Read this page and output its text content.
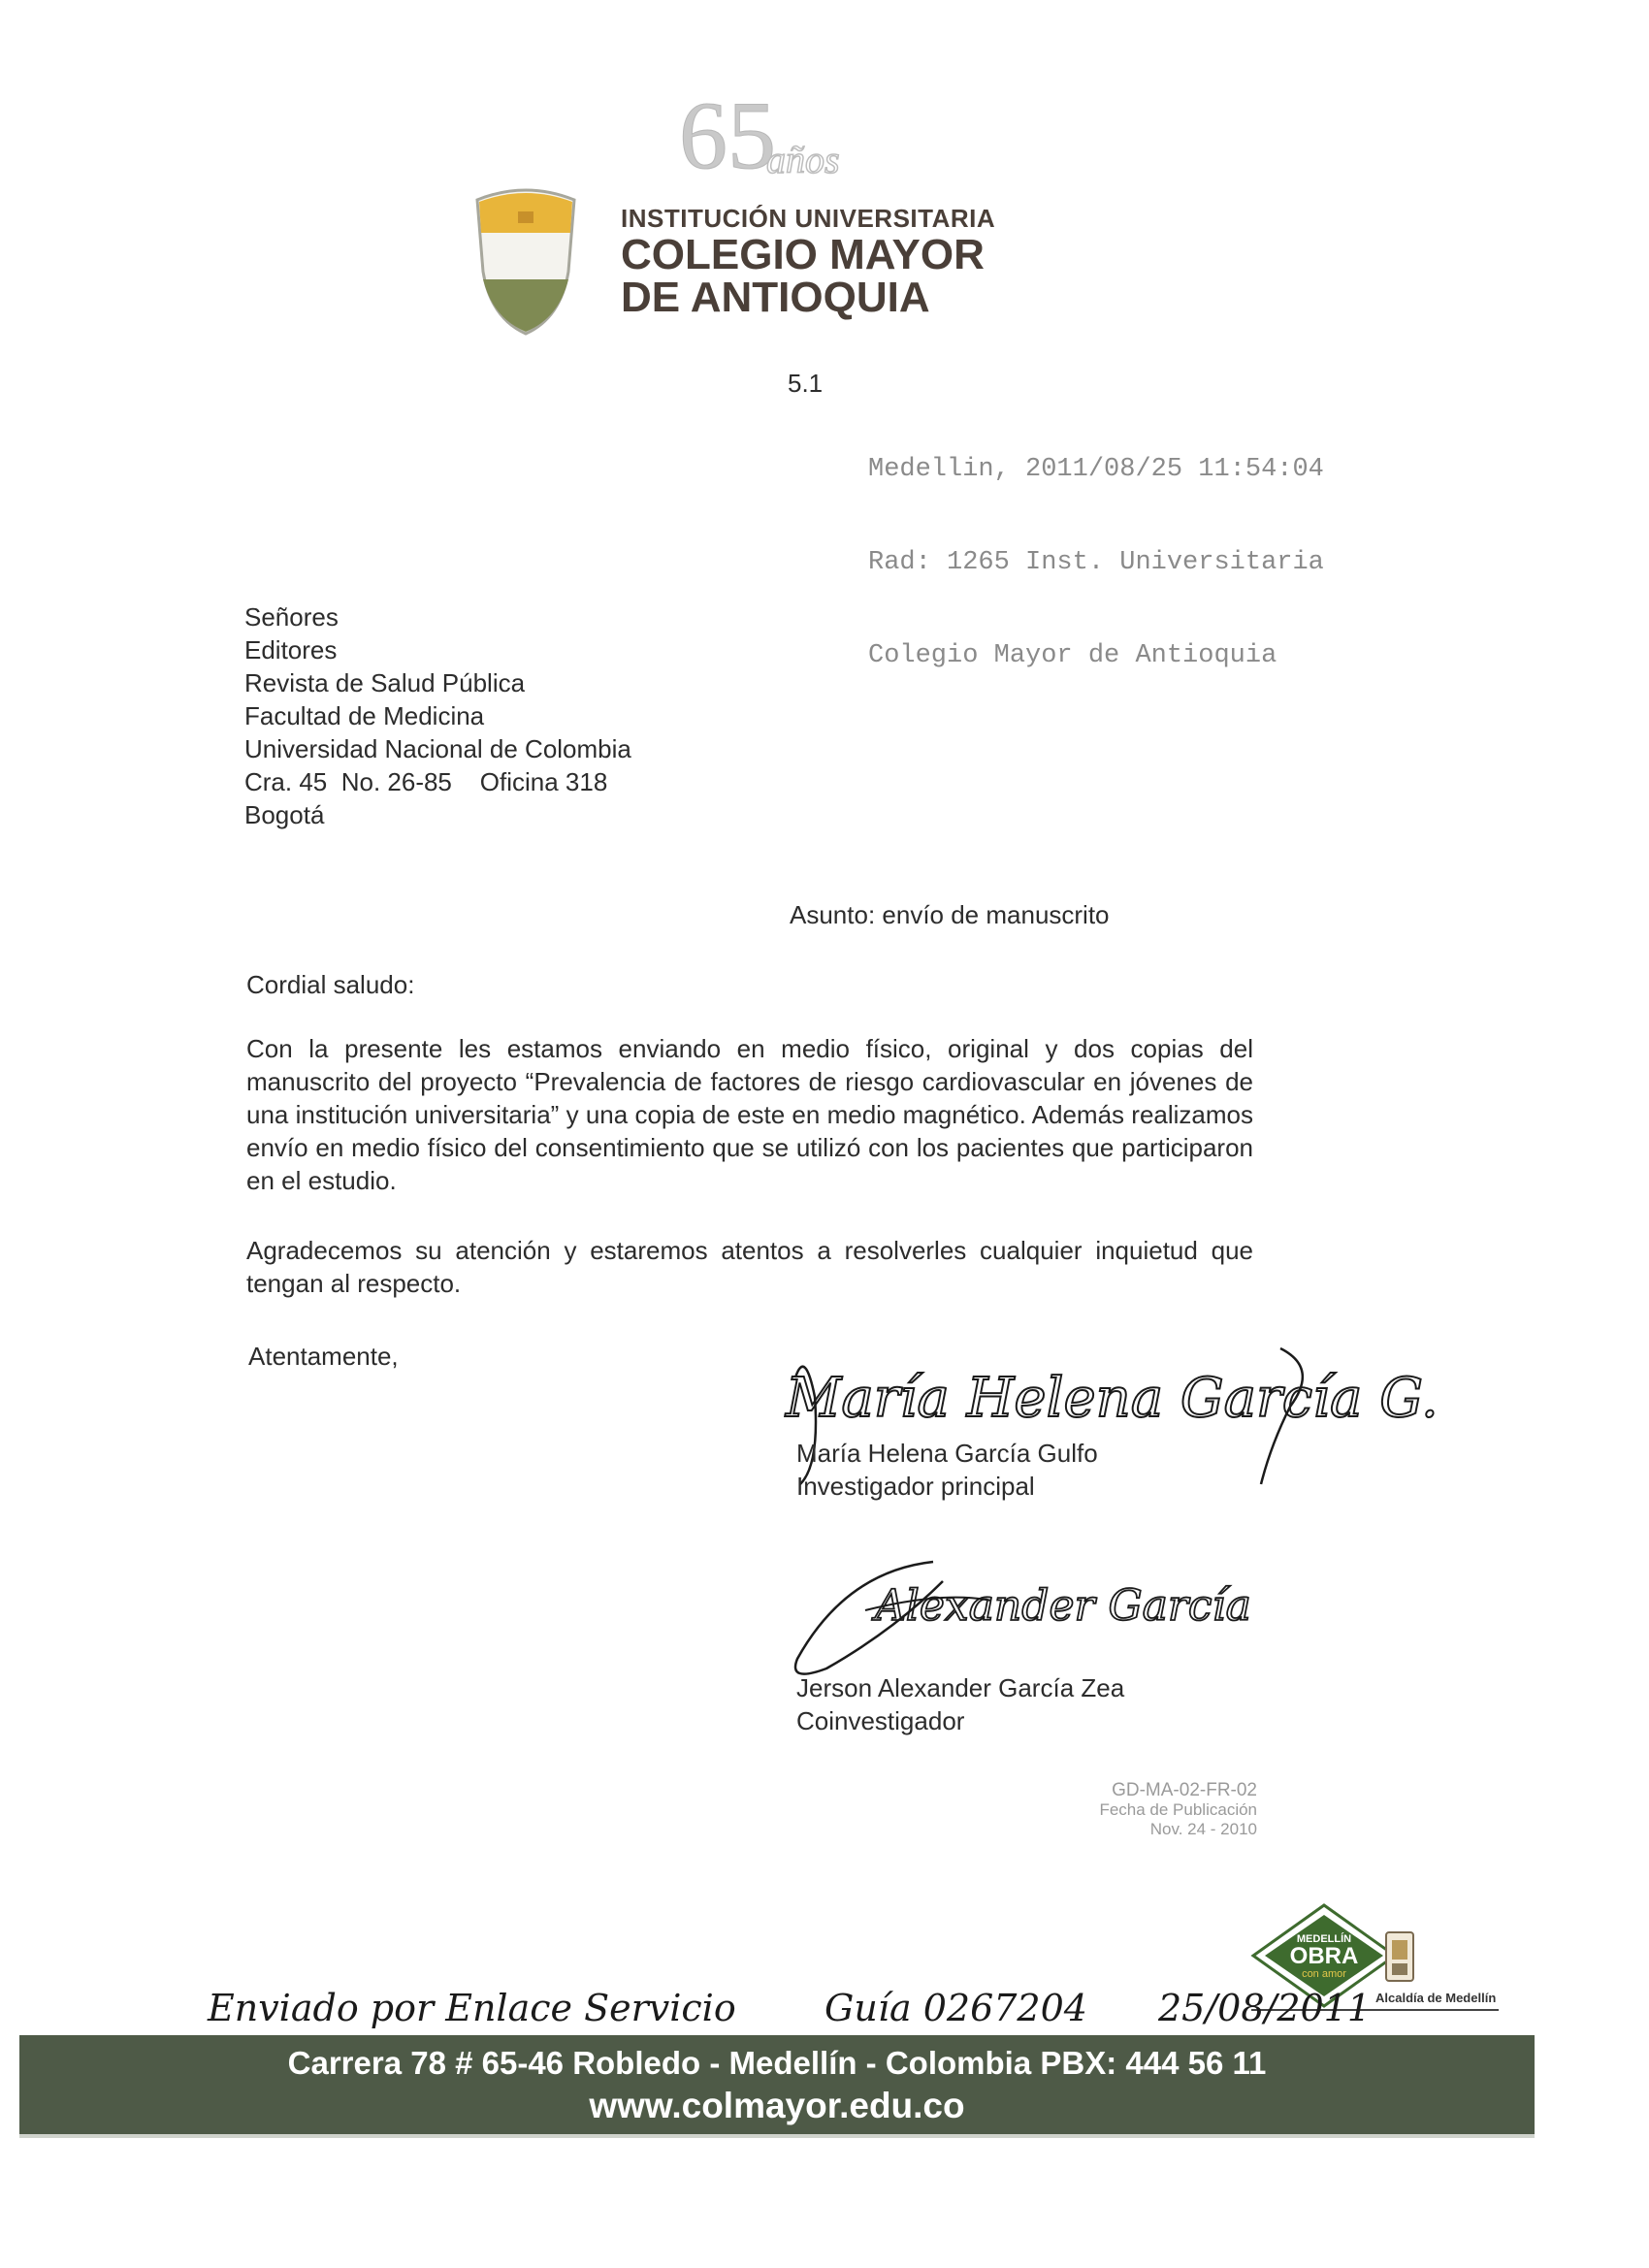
65
años
INSTITUCIÓN UNIVERSITARIA
COLEGIO MAYOR
DE ANTIOQUIA
5.1

Medellin, 2011/08/25 11:54:04

Rad: 1265 Inst. Universitaria

Colegio Mayor de Antioquia

Señores
Editores
Revista de Salud Pública
Facultad de Medicina
Universidad Nacional de Colombia
Cra. 45  No. 26-85    Oficina 318
Bogotá
Asunto: envío de manuscrito
Cordial saludo:
Con la presente les estamos enviando en medio físico, original y dos copias del manuscrito del proyecto “Prevalencia de factores de riesgo cardiovascular en jóvenes de una institución universitaria” y una copia de este en medio magnético. Además realizamos envío en medio físico del consentimiento que se utilizó con los pacientes que participaron en el estudio.
Agradecemos su atención y estaremos atentos a resolverles cualquier inquietud que tengan al respecto.
Atentamente,
María Helena García G.
María Helena García Gulfo
Investigador principal
Alexander García
Jerson Alexander García Zea
Coinvestigador
GD-MA-02-FR-02
Fecha de Publicación
Nov. 24 - 2010
MEDELLÍN
OBRA
con amor
Alcaldía de Medellín
Enviado por Enlace Servicio Guía 0267204 25/08/2011
Carrera 78 # 65-46 Robledo - Medellín - Colombia PBX: 444 56 11
www.colmayor.edu.co
